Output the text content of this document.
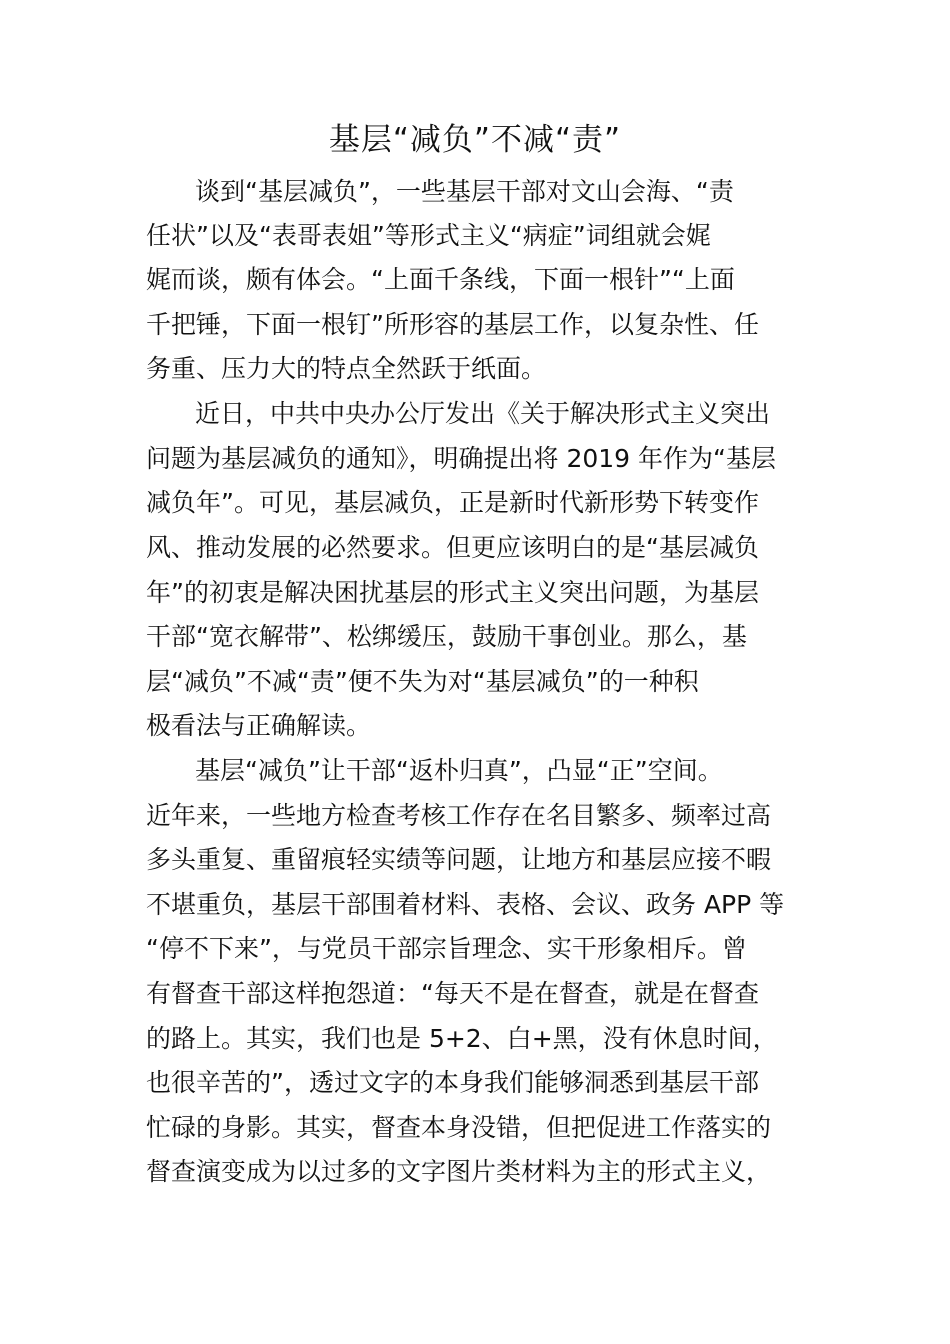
基层“减负”不减“责”
谈到“基层减负”，一些基层干部对文山会海、“责
任状”以及“表哥表姐”等形式主义“病症”词组就会娓
娓而谈，颇有体会。“上面千条线，下面一根针”“上面
千把锤，下面一根钉”所形容的基层工作，以复杂性、任
务重、压力大的特点全然跃于纸面。
近日，中共中央办公厅发出《关于解决形式主义突出
问题为基层减负的通知》，明确提出将 2019 年作为“基层
减负年”。可见，基层减负，正是新时代新形势下转变作
风、推动发展的必然要求。但更应该明白的是“基层减负
年”的初衷是解决困扰基层的形式主义突出问题，为基层
干部“宽衣解带”、松绑缓压，鼓励干事创业。那么，基
层“减负”不减“责”便不失为对“基层减负”的一种积
极看法与正确解读。
基层“减负”让干部“返朴归真”，凸显“正”空间。
近年来，一些地方检查考核工作存在名目繁多、频率过高
多头重复、重留痕轻实绩等问题，让地方和基层应接不暇
不堪重负，基层干部围着材料、表格、会议、政务 APP 等
“停不下来”，与党员干部宗旨理念、实干形象相斥。曾
有督查干部这样抱怨道：“每天不是在督查，就是在督查
的路上。其实，我们也是 5+2、白+黑，没有休息时间，
也很辛苦的”，透过文字的本身我们能够洞悉到基层干部
忙碌的身影。其实，督查本身没错，但把促进工作落实的
督查演变成为以过多的文字图片类材料为主的形式主义，
